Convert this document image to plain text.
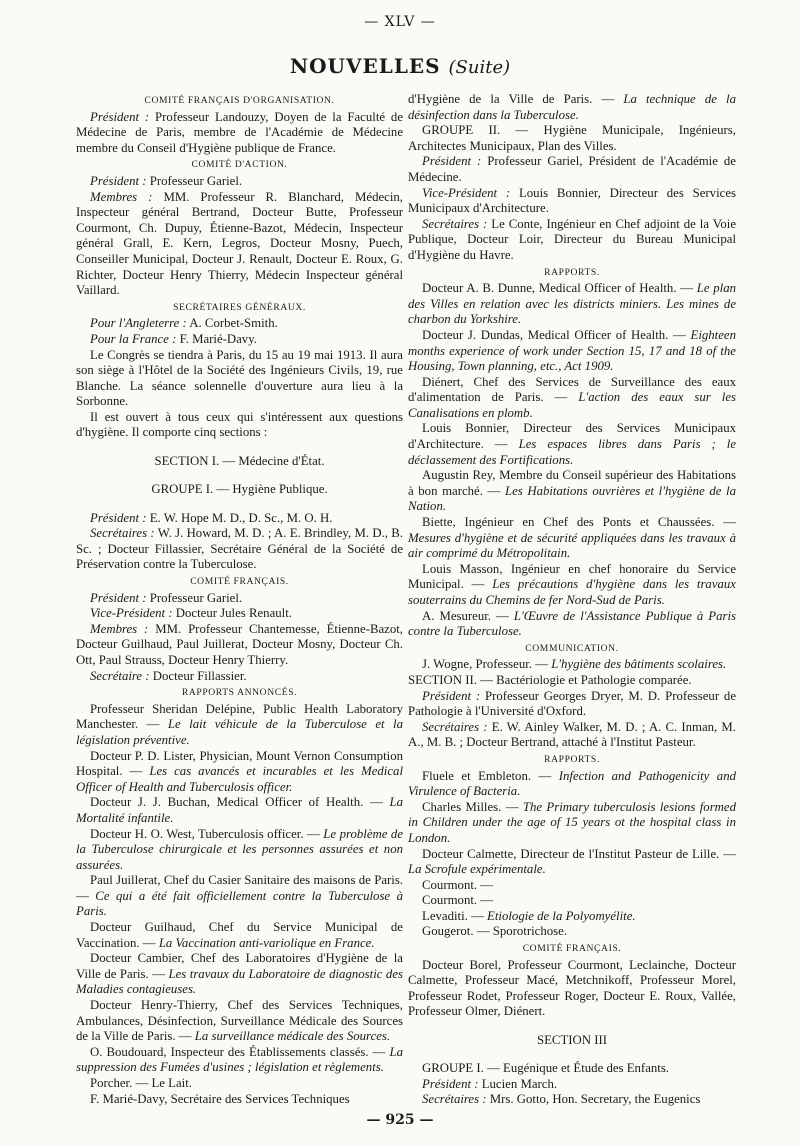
— XLV —
NOUVELLES (Suite)

COMITÉ FRANÇAIS D'ORGANISATION.

Président : Professeur Landouzy, Doyen de la Faculté de Médecine de Paris, membre de l'Académie de Médecine membre du Conseil d'Hygiène publique de France.

COMITÉ D'ACTION.

Président : Professeur Gariel.

Membres : MM. Professeur R. Blanchard, Médecin, Inspecteur général Bertrand, Docteur Butte, Professeur Courmont, Ch. Dupuy, Étienne-Bazot, Médecin, Inspecteur général Grall, E. Kern, Legros, Docteur Mosny, Puech, Conseiller Municipal, Docteur J. Renault, Docteur E. Roux, G. Richter, Docteur Henry Thierry, Médecin Inspecteur général Vaillard.

SECRÉTAIRES GÉNÉRAUX.

Pour l'Angleterre : A. Corbet-Smith.

Pour la France : F. Marié-Davy.

Le Congrès se tiendra à Paris, du 15 au 19 mai 1913. Il aura son siège à l'Hôtel de la Société des Ingénieurs Civils, 19, rue Blanche. La séance solennelle d'ouverture aura lieu à la Sorbonne.

Il est ouvert à tous ceux qui s'intéressent aux questions d'hygiène. Il comporte cinq sections :

SECTION I. — Médecine d'État.

GROUPE I. — Hygiène Publique.

Président : E. W. Hope M. D., D. Sc., M. O. H.

Secrétaires : W. J. Howard, M. D. ; A. E. Brindley, M. D., B. Sc. ; Docteur Fillassier, Secrétaire Général de la Société de Préservation contre la Tuberculose.

COMITÉ FRANÇAIS.

Président : Professeur Gariel.

Vice-Président : Docteur Jules Renault.

Membres : MM. Professeur Chantemesse, Étienne-Bazot, Docteur Guilhaud, Paul Juillerat, Docteur Mosny, Docteur Ch. Ott, Paul Strauss, Docteur Henry Thierry.

Secrétaire : Docteur Fillassier.

RAPPORTS ANNONCÉS.

Professeur Sheridan Delépine, Public Health Laboratory Manchester. — Le lait véhicule de la Tuberculose et la législation préventive.

Docteur P. D. Lister, Physician, Mount Vernon Consumption Hospital. — Les cas avancés et incurables et les Medical Officer of Health and Tuberculosis officer.

Docteur J. J. Buchan, Medical Officer of Health. — La Mortalité infantile.

Docteur H. O. West, Tuberculosis officer. — Le problème de la Tuberculose chirurgicale et les personnes assurées et non assurées.

Paul Juillerat, Chef du Casier Sanitaire des maisons de Paris. — Ce qui a été fait officiellement contre la Tuberculose à Paris.

Docteur Guilhaud, Chef du Service Municipal de Vaccination. — La Vaccination anti-variolique en France.

Docteur Cambier, Chef des Laboratoires d'Hygiène de la Ville de Paris. — Les travaux du Laboratoire de diagnostic des Maladies contagieuses.

Docteur Henry-Thierry, Chef des Services Techniques, Ambulances, Désinfection, Surveillance Médicale des Sources de la Ville de Paris. — La surveillance médicale des Sources.

O. Boudouard, Inspecteur des Établissements classés. — La suppression des Fumées d'usines ; législation et règlements.

Porcher. — Le Lait.

F. Marié-Davy, Secrétaire des Services Techniques

d'Hygiène de la Ville de Paris. — La technique de la désinfection dans la Tuberculose.

GROUPE II. — Hygiène Municipale, Ingénieurs, Architectes Municipaux, Plan des Villes.

Président : Professeur Gariel, Président de l'Académie de Médecine.

Vice-Président : Louis Bonnier, Directeur des Services Municipaux d'Architecture.

Secrétaires : Le Conte, Ingénieur en Chef adjoint de la Voie Publique, Docteur Loir, Directeur du Bureau Municipal d'Hygiène du Havre.

RAPPORTS.

Docteur A. B. Dunne, Medical Officer of Health. — Le plan des Villes en relation avec les districts miniers. Les mines de charbon du Yorkshire.

Docteur J. Dundas, Medical Officer of Health. — Eighteen months experience of work under Section 15, 17 and 18 of the Housing, Town planning, etc., Act 1909.

Diénert, Chef des Services de Surveillance des eaux d'alimentation de Paris. — L'action des eaux sur les Canalisations en plomb.

Louis Bonnier, Directeur des Services Municipaux d'Architecture. — Les espaces libres dans Paris ; le déclassement des Fortifications.

Augustin Rey, Membre du Conseil supérieur des Habitations à bon marché. — Les Habitations ouvrières et l'hygiène de la Nation.

Biette, Ingénieur en Chef des Ponts et Chaussées. — Mesures d'hygiène et de sécurité appliquées dans les travaux à air comprimé du Métropolitain.

Louis Masson, Ingénieur en chef honoraire du Service Municipal. — Les précautions d'hygiène dans les travaux souterrains du Chemins de fer Nord-Sud de Paris.

A. Mesureur. — L'Œuvre de l'Assistance Publique à Paris contre la Tuberculose.

COMMUNICATION.

J. Wogne, Professeur. — L'hygiène des bâtiments scolaires.

SECTION II. — Bactériologie et Pathologie comparée.

Président : Professeur Georges Dryer, M. D. Professeur de Pathologie à l'Université d'Oxford.

Secrétaires : E. W. Ainley Walker, M. D. ; A. C. Inman, M. A., M. B. ; Docteur Bertrand, attaché à l'Institut Pasteur.

RAPPORTS.

Fluele et Embleton. — Infection and Pathogenicity and Virulence of Bacteria.

Charles Milles. — The Primary tuberculosis lesions formed in Children under the age of 15 years ot the hospital class in London.

Docteur Calmette, Directeur de l'Institut Pasteur de Lille. — La Scrofule expérimentale.

Courmont. —

Courmont. —

Levaditi. — Etiologie de la Polyomyélite.

Gougerot. — Sporotrichose.

COMITÉ FRANÇAIS.

Docteur Borel, Professeur Courmont, Leclainche, Docteur Calmette, Professeur Macé, Metchnikoff, Professeur Morel, Professeur Rodet, Professeur Roger, Docteur E. Roux, Vallée, Professeur Olmer, Diénert.

SECTION III

GROUPE I. — Eugénique et Étude des Enfants.

Président : Lucien March.

Secrétaires : Mrs. Gotto, Hon. Secretary, the Eugenics

— 925 —
